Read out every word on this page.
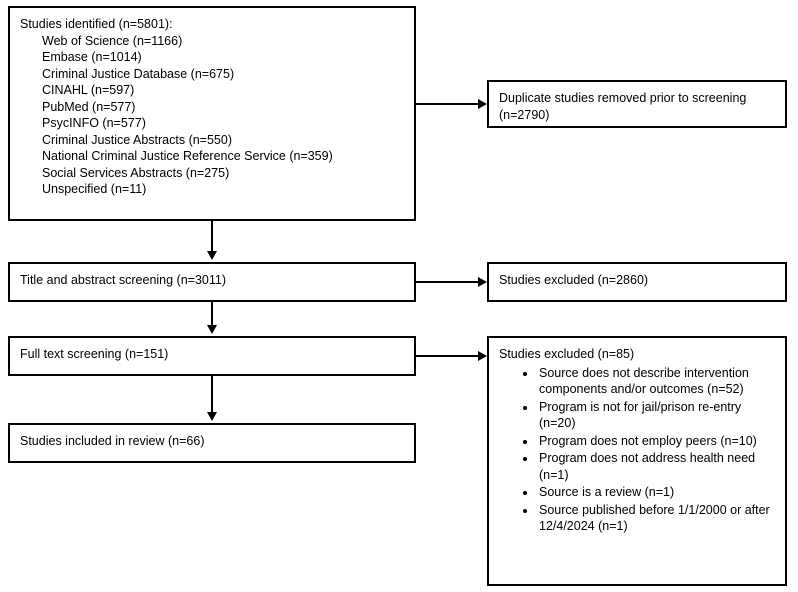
Studies identified (n=5801):
Web of Science (n=1166)
Embase (n=1014)
Criminal Justice Database (n=675)
CINAHL (n=597)
PubMed (n=577)
PsycINFO (n=577)
Criminal Justice Abstracts (n=550)
National Criminal Justice Reference Service (n=359)
Social Services Abstracts (n=275)
Unspecified (n=11)
Duplicate studies removed prior to screening
(n=2790)
Title and abstract screening (n=3011)	Studies excluded (n=2860)
Full text screening (n=151)	Studies excluded (n=85)
• Source does not describe intervention components and/or outcomes (n=52)
• Program is not for jail/prison re-entry (n=20)
• Program does not employ peers (n=10)
• Program does not address health need (n=1)
• Source is a review (n=1)
• Source published before 1/1/2000 or after 12/4/2024 (n=1)
Studies included in review (n=66)
